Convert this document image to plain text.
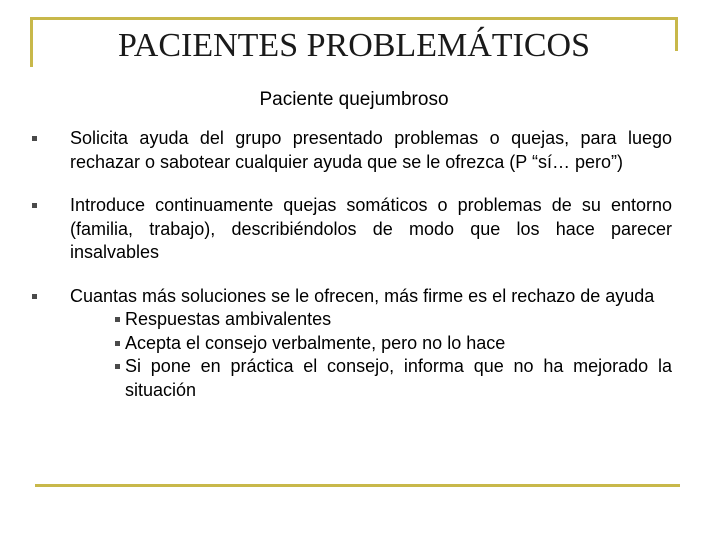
PACIENTES PROBLEMÁTICOS
Paciente quejumbroso
Solicita ayuda del grupo presentado problemas o quejas, para luego rechazar o sabotear cualquier ayuda que se le ofrezca (P “sí… pero”)
Introduce continuamente quejas somáticos o problemas de su entorno (familia, trabajo), describiéndolos de modo que los hace parecer insalvables
Cuantas más soluciones se le ofrecen, más firme es el rechazo de ayuda
Respuestas ambivalentes
Acepta el consejo verbalmente, pero no lo hace
Si pone en práctica el consejo, informa que no ha mejorado la situación
